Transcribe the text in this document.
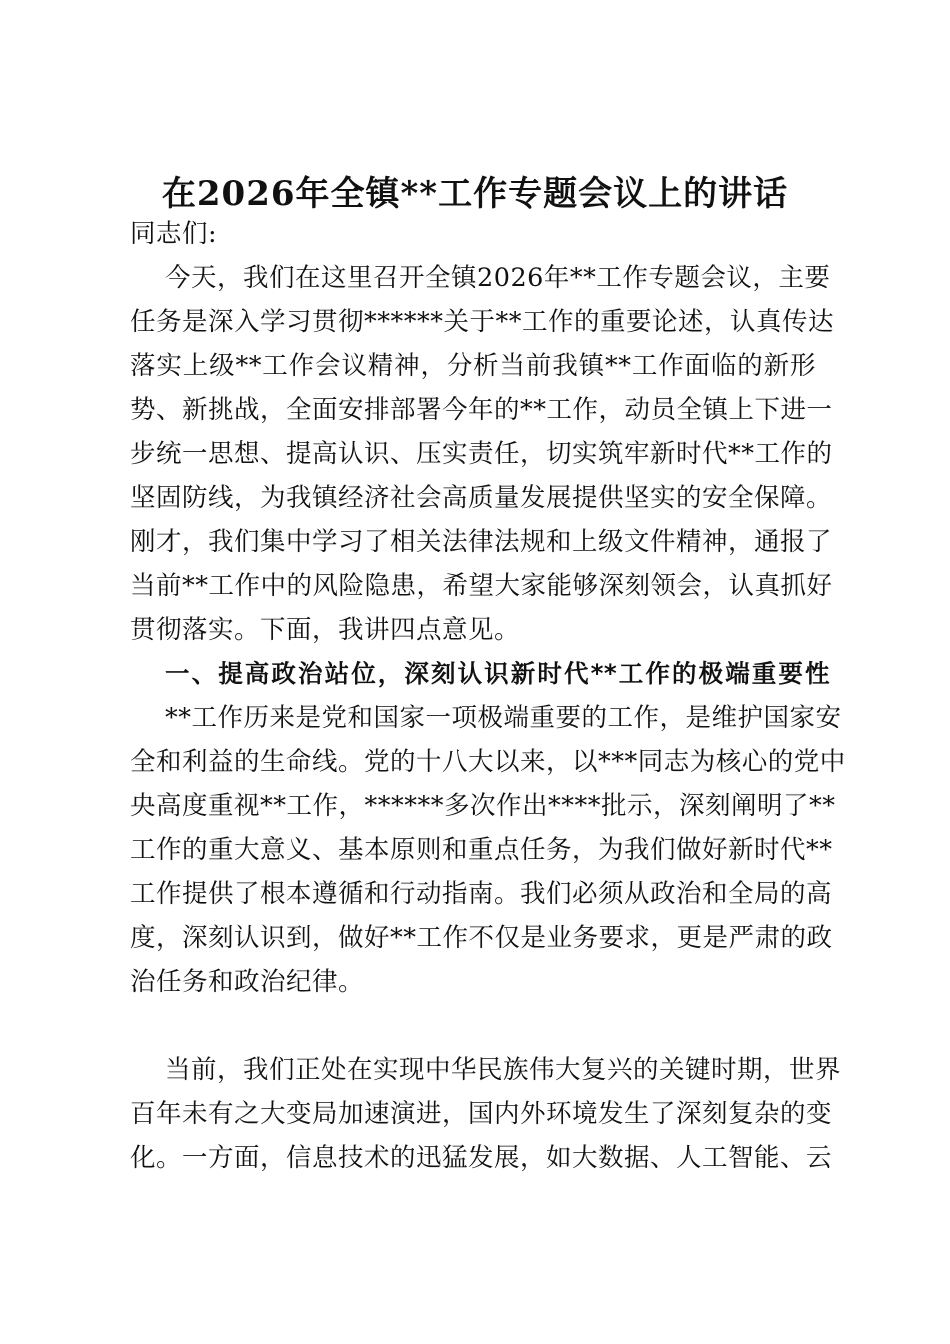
在2026年全镇**工作专题会议上的讲话
同志们:
今天，我们在这里召开全镇2026年**工作专题会议，主要
任务是深入学习贯彻******关于**工作的重要论述，认真传达
落实上级**工作会议精神，分析当前我镇**工作面临的新形
势、新挑战，全面安排部署今年的**工作，动员全镇上下进一
步统一思想、提高认识、压实责任，切实筑牢新时代**工作的
坚固防线，为我镇经济社会高质量发展提供坚实的安全保障。
刚才，我们集中学习了相关法律法规和上级文件精神，通报了
当前**工作中的风险隐患，希望大家能够深刻领会，认真抓好
贯彻落实。下面，我讲四点意见。
一、提高政治站位，深刻认识新时代**工作的极端重要性
**工作历来是党和国家一项极端重要的工作，是维护国家安
全和利益的生命线。党的十八大以来，以***同志为核心的党中
央高度重视**工作，******多次作出****批示，深刻阐明了**
工作的重大意义、基本原则和重点任务，为我们做好新时代**
工作提供了根本遵循和行动指南。我们必须从政治和全局的高
度，深刻认识到，做好**工作不仅是业务要求，更是严肃的政
治任务和政治纪律。
当前，我们正处在实现中华民族伟大复兴的关键时期，世界
百年未有之大变局加速演进，国内外环境发生了深刻复杂的变
化。一方面，信息技术的迅猛发展，如大数据、人工智能、云
